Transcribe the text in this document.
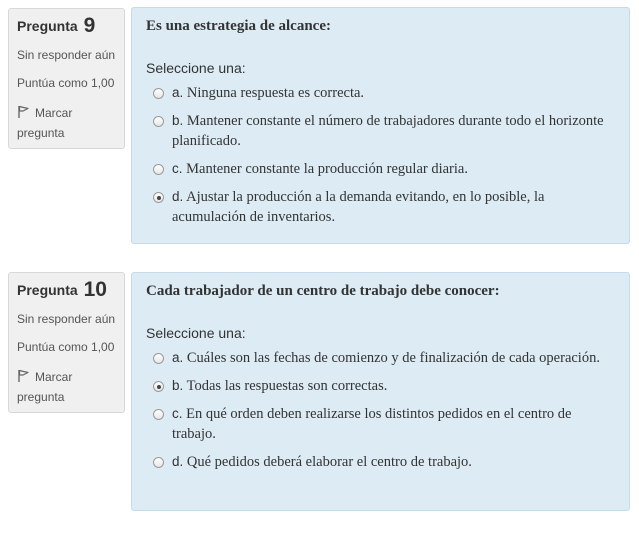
Pregunta 9
Sin responder aún
Puntúa como 1,00
Marcar pregunta
Es una estrategia de alcance:
Seleccione una:
a. Ninguna respuesta es correcta.
b. Mantener constante el número de trabajadores durante todo el horizonte planificado.
c. Mantener constante la producción regular diaria.
d. Ajustar la producción a la demanda evitando, en lo posible, la acumulación de inventarios.
Pregunta 10
Sin responder aún
Puntúa como 1,00
Marcar pregunta
Cada trabajador de un centro de trabajo debe conocer:
Seleccione una:
a. Cuáles son las fechas de comienzo y de finalización de cada operación.
b. Todas las respuestas son correctas.
c. En qué orden deben realizarse los distintos pedidos en el centro de trabajo.
d. Qué pedidos deberá elaborar el centro de trabajo.
